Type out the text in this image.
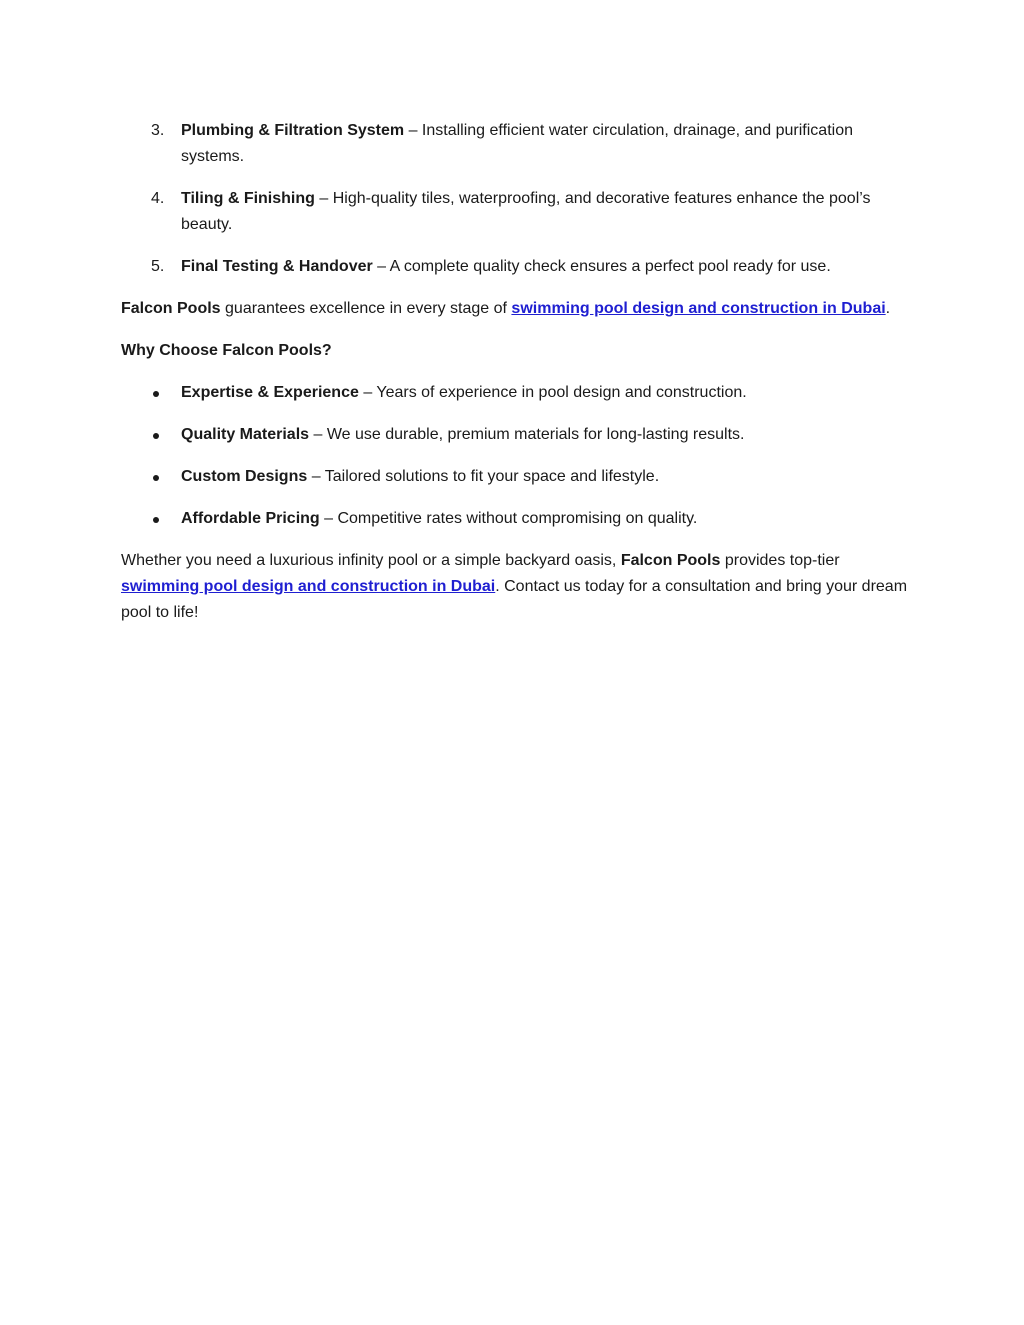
3. Plumbing & Filtration System – Installing efficient water circulation, drainage, and purification systems.
4. Tiling & Finishing – High-quality tiles, waterproofing, and decorative features enhance the pool’s beauty.
5. Final Testing & Handover – A complete quality check ensures a perfect pool ready for use.

Falcon Pools guarantees excellence in every stage of swimming pool design and construction in Dubai.

Why Choose Falcon Pools?

Expertise & Experience – Years of experience in pool design and construction.
Quality Materials – We use durable, premium materials for long-lasting results.
Custom Designs – Tailored solutions to fit your space and lifestyle.
Affordable Pricing – Competitive rates without compromising on quality.

Whether you need a luxurious infinity pool or a simple backyard oasis, Falcon Pools provides top-tier swimming pool design and construction in Dubai. Contact us today for a consultation and bring your dream pool to life!
